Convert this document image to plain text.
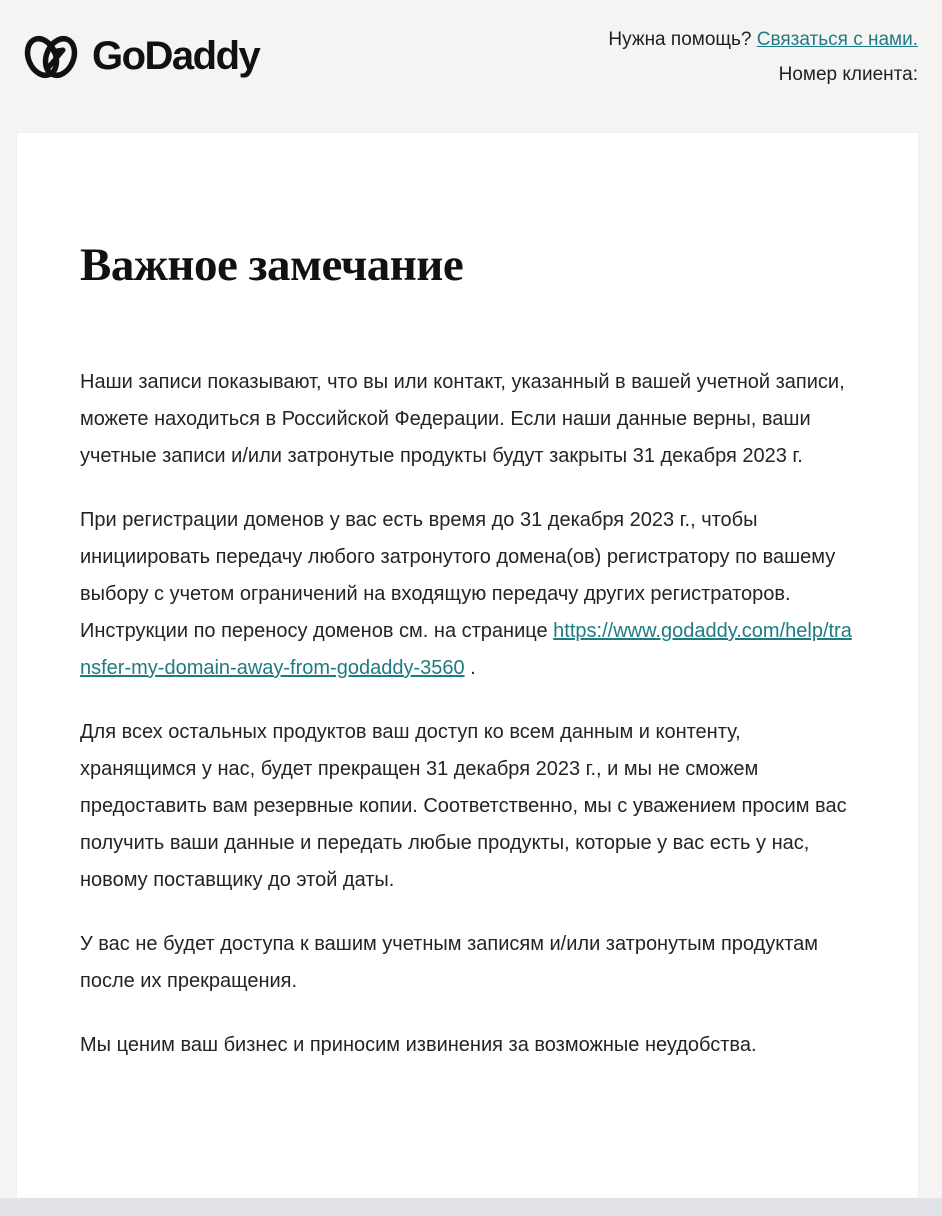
GoDaddy	Нужна помощь? Связаться с нами.
Номер клиента:
Важное замечание

Наши записи показывают, что вы или контакт, указанный в вашей учетной записи, можете находиться в Российской Федерации. Если наши данные верны, ваши учетные записи и/или затронутые продукты будут закрыты 31 декабря 2023 г.

При регистрации доменов у вас есть время до 31 декабря 2023 г., чтобы инициировать передачу любого затронутого домена(ов) регистратору по вашему выбору с учетом ограничений на входящую передачу других регистраторов. Инструкции по переносу доменов см. на странице https://www.godaddy.com/help/transfer-my-domain-away-from-godaddy-3560 .

Для всех остальных продуктов ваш доступ ко всем данным и контенту, хранящимся у нас, будет прекращен 31 декабря 2023 г., и мы не сможем предоставить вам резервные копии. Соответственно, мы с уважением просим вас получить ваши данные и передать любые продукты, которые у вас есть у нас, новому поставщику до этой даты.

У вас не будет доступа к вашим учетным записям и/или затронутым продуктам после их прекращения.

Мы ценим ваш бизнес и приносим извинения за возможные неудобства.
